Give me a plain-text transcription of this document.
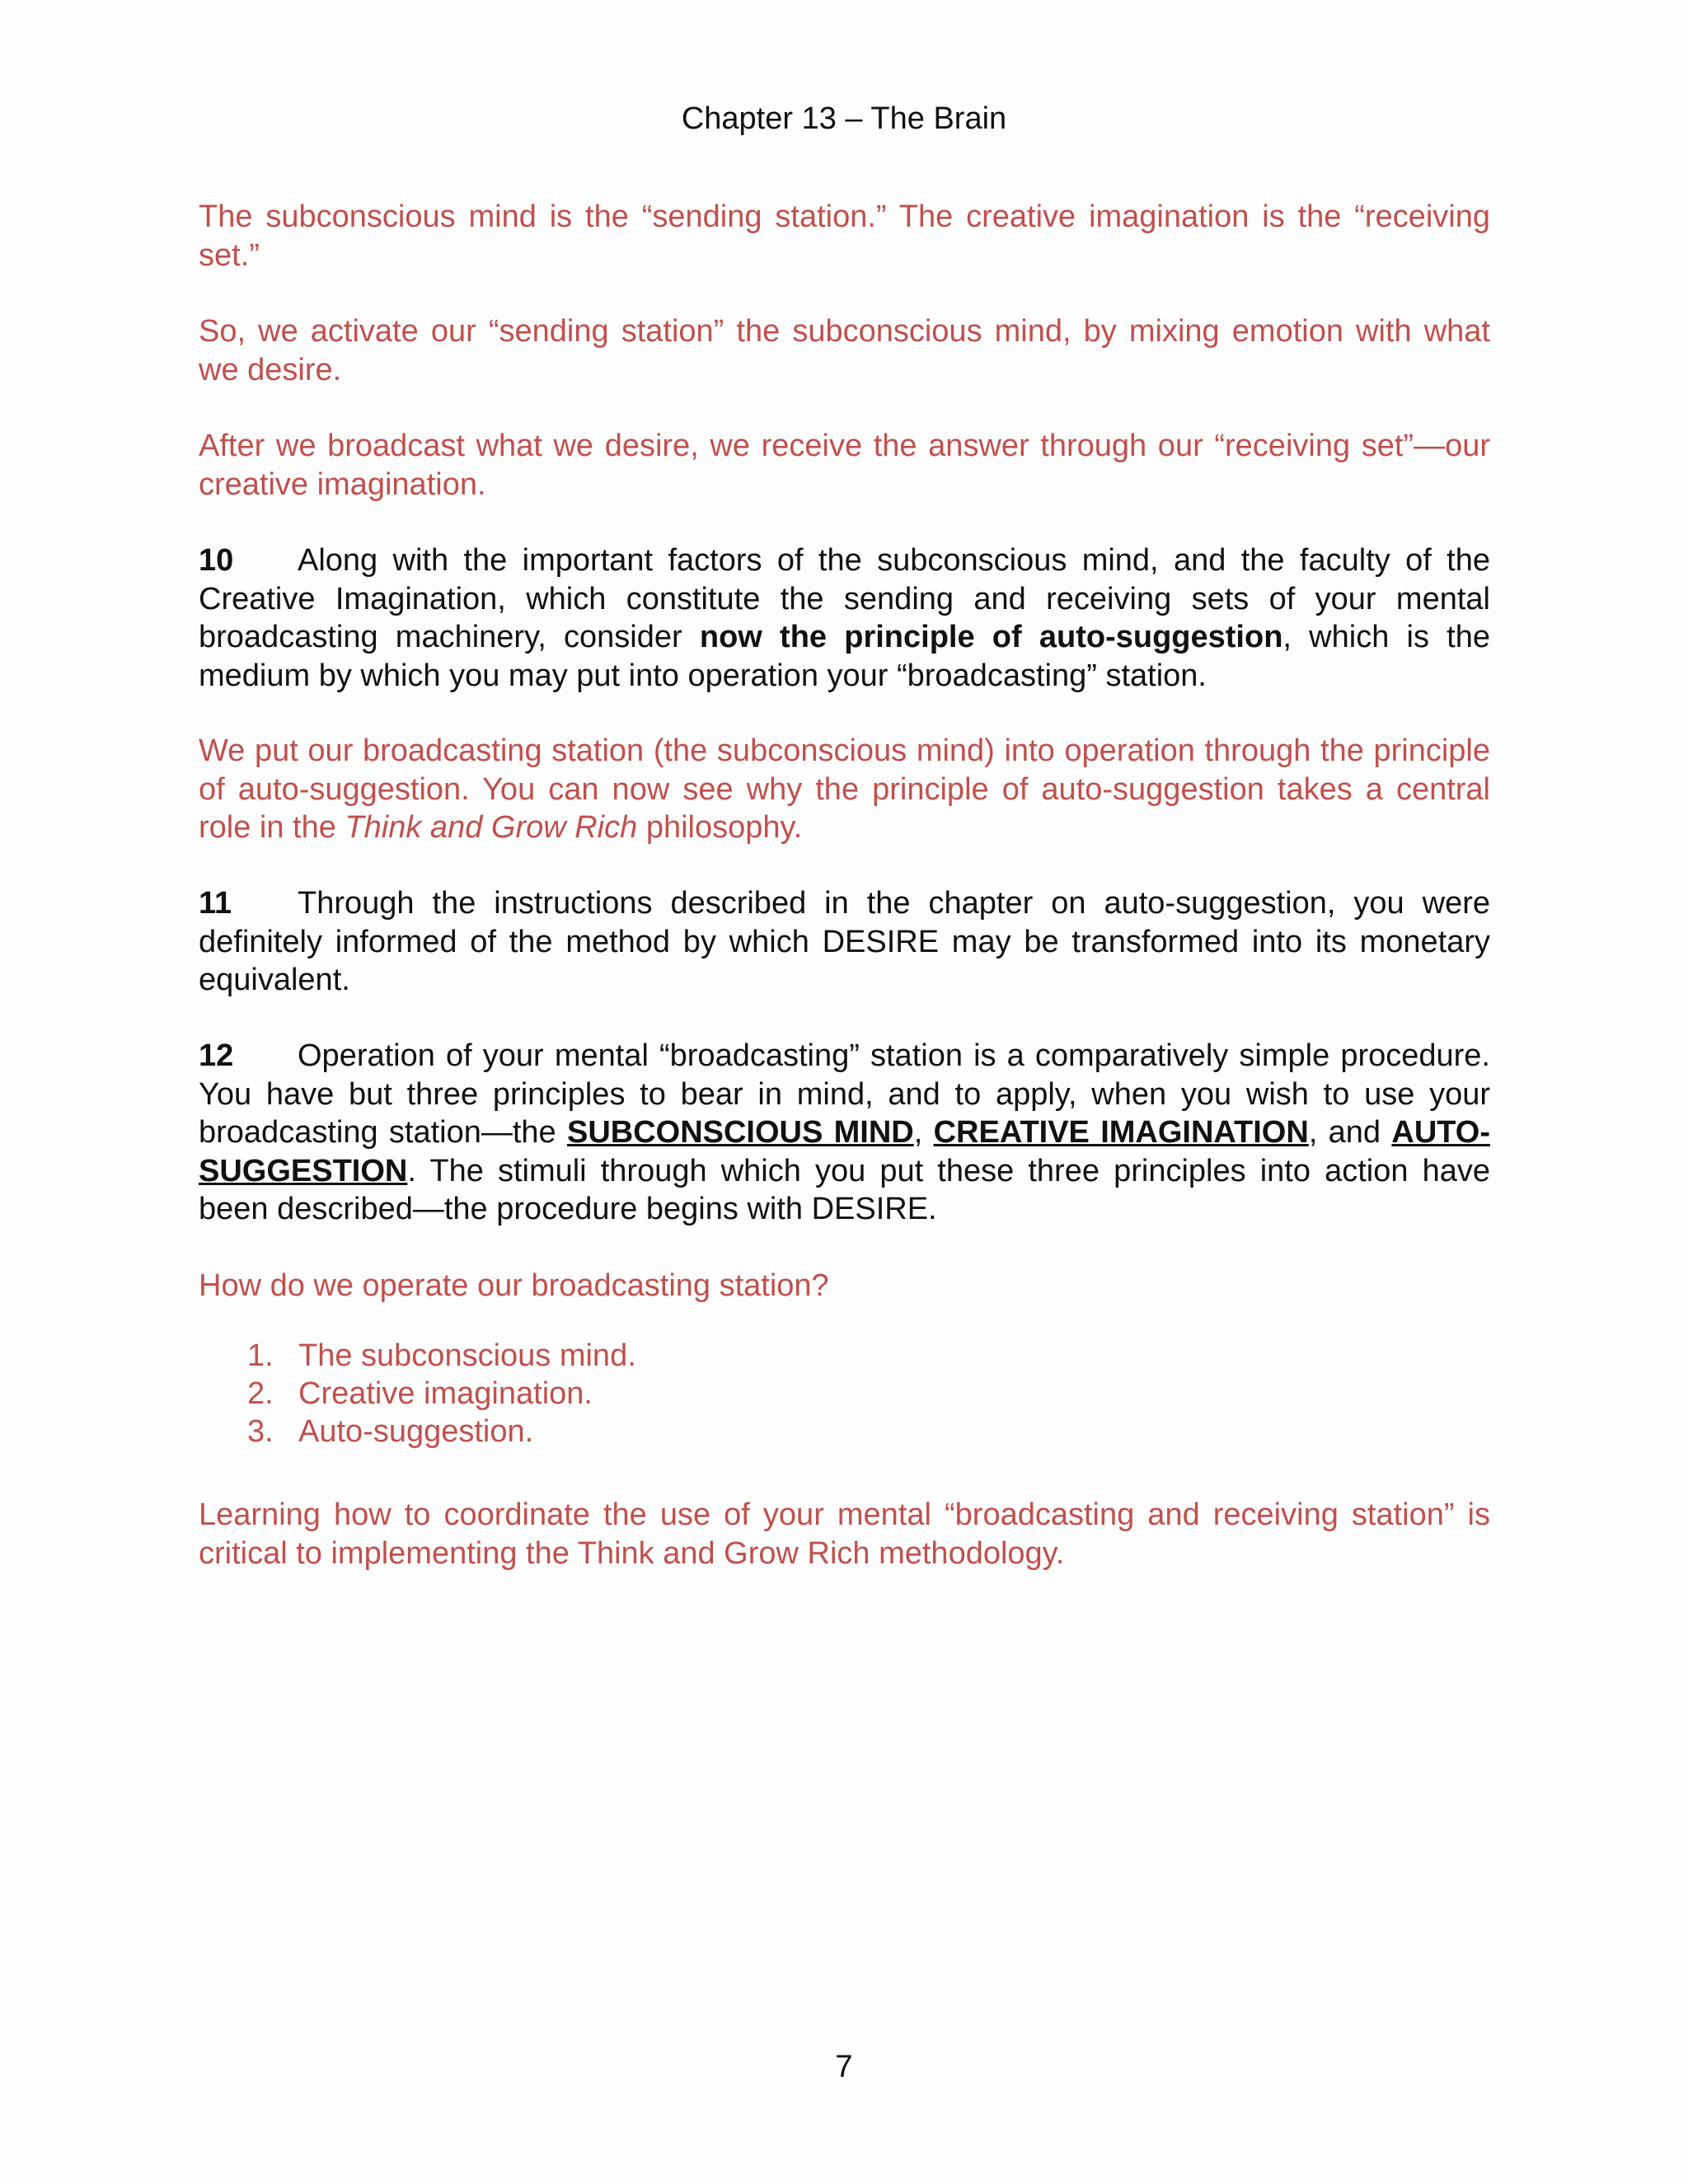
Chapter 13 – The Brain

The subconscious mind is the “sending station.” The creative imagination is the “receiving set.”

So, we activate our “sending station” the subconscious mind, by mixing emotion with what we desire.

After we broadcast what we desire, we receive the answer through our “receiving set”—our creative imagination.

10 Along with the important factors of the subconscious mind, and the faculty of the Creative Imagination, which constitute the sending and receiving sets of your mental broadcasting machinery, consider now the principle of auto-suggestion, which is the medium by which you may put into operation your “broadcasting” station.

We put our broadcasting station (the subconscious mind) into operation through the principle of auto-suggestion. You can now see why the principle of auto-suggestion takes a central role in the Think and Grow Rich philosophy.

11 Through the instructions described in the chapter on auto-suggestion, you were definitely informed of the method by which DESIRE may be transformed into its monetary equivalent.

12 Operation of your mental “broadcasting” station is a comparatively simple procedure. You have but three principles to bear in mind, and to apply, when you wish to use your broadcasting station—the SUBCONSCIOUS MIND, CREATIVE IMAGINATION, and AUTO-SUGGESTION. The stimuli through which you put these three principles into action have been described—the procedure begins with DESIRE.

How do we operate our broadcasting station?

1. The subconscious mind.
2. Creative imagination.
3. Auto-suggestion.

Learning how to coordinate the use of your mental “broadcasting and receiving station” is critical to implementing the Think and Grow Rich methodology.

7
